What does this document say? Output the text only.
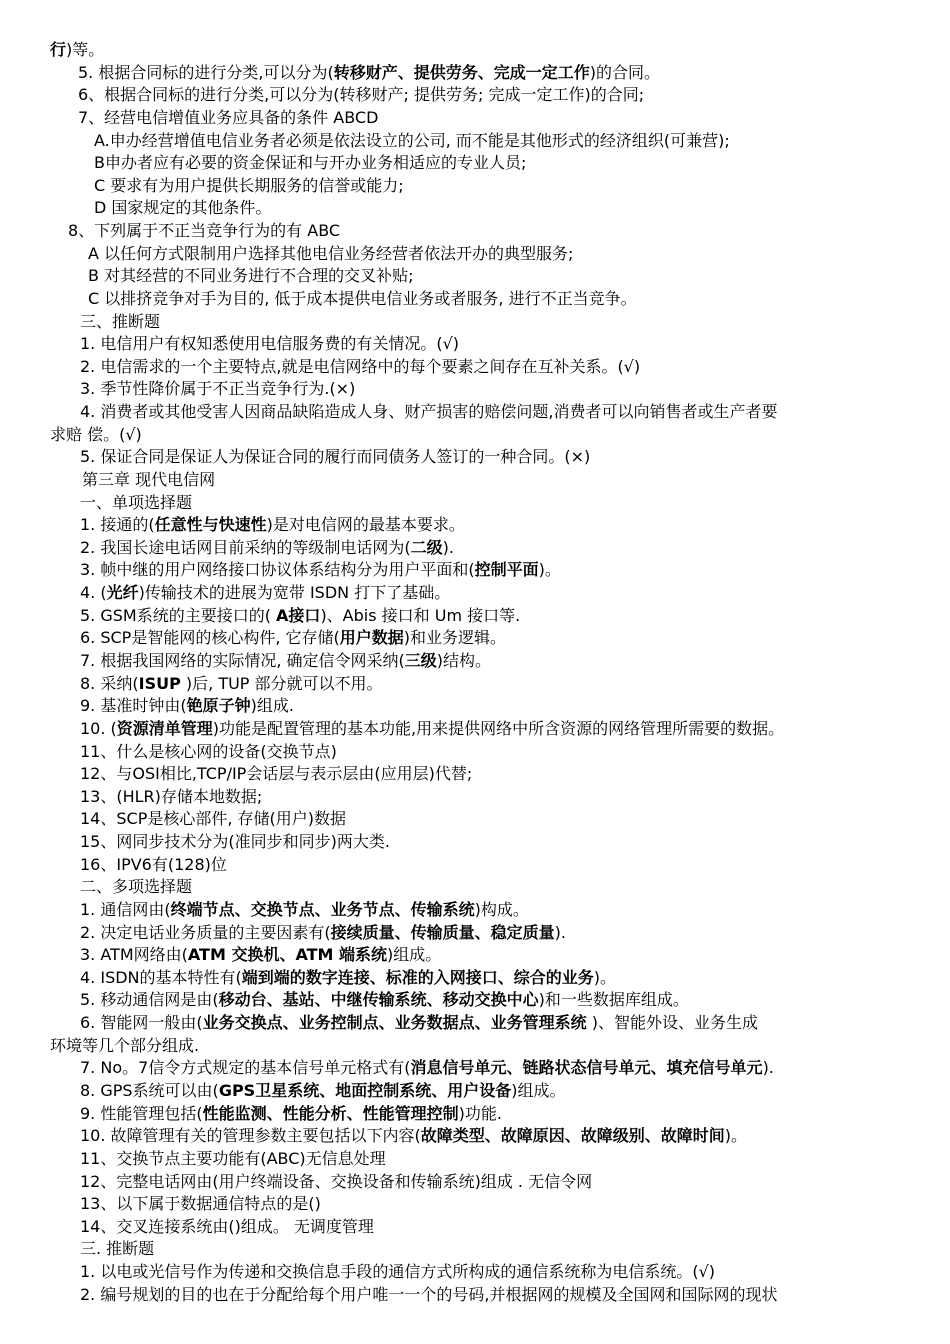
行)等。
5. 根据合同标的进行分类,可以分为(转移财产、提供劳务、完成一定工作)的合同。
6、根据合同标的进行分类,可以分为(转移财产; 提供劳务; 完成一定工作)的合同;
7、经营电信增值业务应具备的条件 ABCD
A.申办经营增值电信业务者必须是依法设立的公司, 而不能是其他形式的经济组织(可兼营);
B申办者应有必要的资金保证和与开办业务相适应的专业人员;
C 要求有为用户提供长期服务的信誉或能力;
D 国家规定的其他条件。
8、下列属于不正当竞争行为的有 ABC
A 以任何方式限制用户选择其他电信业务经营者依法开办的典型服务;
B 对其经营的不同业务进行不合理的交叉补贴;
C 以排挤竞争对手为目的, 低于成本提供电信业务或者服务, 进行不正当竞争。
三、推断题
1. 电信用户有权知悉使用电信服务费的有关情况。(√)
2. 电信需求的一个主要特点,就是电信网络中的每个要素之间存在互补关系。(√)
3. 季节性降价属于不正当竞争行为.(×)
4. 消费者或其他受害人因商品缺陷造成人身、财产损害的赔偿问题,消费者可以向销售者或生产者要
求赔 偿。(√)
5. 保证合同是保证人为保证合同的履行而同债务人签订的一种合同。(×)
第三章 现代电信网
一、单项选择题
1. 接通的(任意性与快速性)是对电信网的最基本要求。
2. 我国长途电话网目前采纳的等级制电话网为(二级).
3. 帧中继的用户网络接口协议体系结构分为用户平面和(控制平面)。
4. (光纤)传输技术的进展为宽带 ISDN 打下了基础。
5. GSM系统的主要接口的( A接口)、Abis 接口和 Um 接口等.
6. SCP是智能网的核心构件, 它存储(用户数据)和业务逻辑。
7. 根据我国网络的实际情况, 确定信令网采纳(三级)结构。
8. 采纳(ISUP )后, TUP 部分就可以不用。
9. 基准时钟由(铯原子钟)组成.
10. (资源清单管理)功能是配置管理的基本功能,用来提供网络中所含资源的网络管理所需要的数据。
11、什么是核心网的设备(交换节点)
12、与OSI相比,TCP/IP会话层与表示层由(应用层)代替;
13、(HLR)存储本地数据;
14、SCP是核心部件, 存储(用户)数据
15、网同步技术分为(准同步和同步)两大类.
16、IPV6有(128)位
二、多项选择题
1. 通信网由(终端节点、交换节点、业务节点、传输系统)构成。
2. 决定电话业务质量的主要因素有(接续质量、传输质量、稳定质量).
3. ATM网络由(ATM 交换机、ATM 端系统)组成。
4. ISDN的基本特性有(端到端的数字连接、标准的入网接口、综合的业务)。
5. 移动通信网是由(移动台、基站、中继传输系统、移动交换中心)和一些数据库组成。
6. 智能网一般由(业务交换点、业务控制点、业务数据点、业务管理系统 )、智能外设、业务生成
环境等几个部分组成.
7. No。7信令方式规定的基本信号单元格式有(消息信号单元、链路状态信号单元、填充信号单元).
8. GPS系统可以由(GPS卫星系统、地面控制系统、用户设备)组成。
9. 性能管理包括(性能监测、性能分析、性能管理控制)功能.
10. 故障管理有关的管理参数主要包括以下内容(故障类型、故障原因、故障级别、故障时间)。
11、交换节点主要功能有(ABC)无信息处理
12、完整电话网由(用户终端设备、交换设备和传输系统)组成 . 无信令网
13、以下属于数据通信特点的是()
14、交叉连接系统由()组成。 无调度管理
三. 推断题
1. 以电或光信号作为传递和交换信息手段的通信方式所构成的通信系统称为电信系统。(√)
2. 编号规划的目的也在于分配给每个用户唯一一个的号码,并根据网的规模及全国网和国际网的现状
